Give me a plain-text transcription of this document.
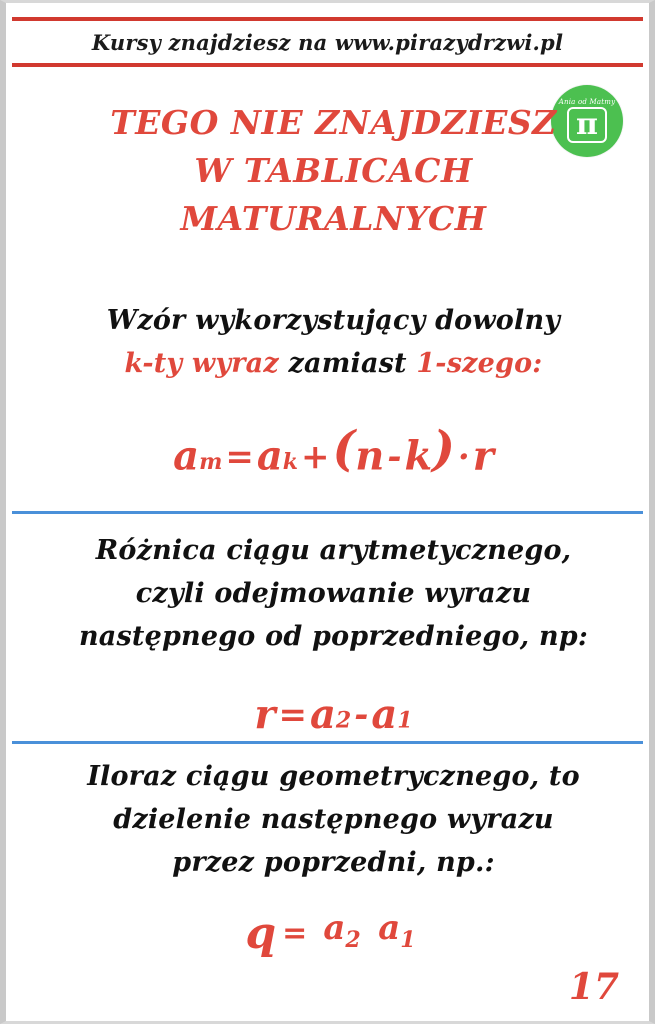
Kursy znajdziesz na www.pirazydrzwi.pl
Ania od Matmy
π
TEGO NIE ZNAJDZIESZ
W TABLICACH
MATURALNYCH
Wzór wykorzystujący dowolny
k-ty wyraz zamiast 1-szego:
am=ak+(n-k)·r
Różnica ciągu arytmetycznego,
czyli odejmowanie wyrazu
następnego od poprzedniego, np:
r=a2-a1
Iloraz ciągu geometrycznego, to
dzielenie następnego wyrazu
przez poprzedni, np.:
$q = a_2$ $a_1$
17
